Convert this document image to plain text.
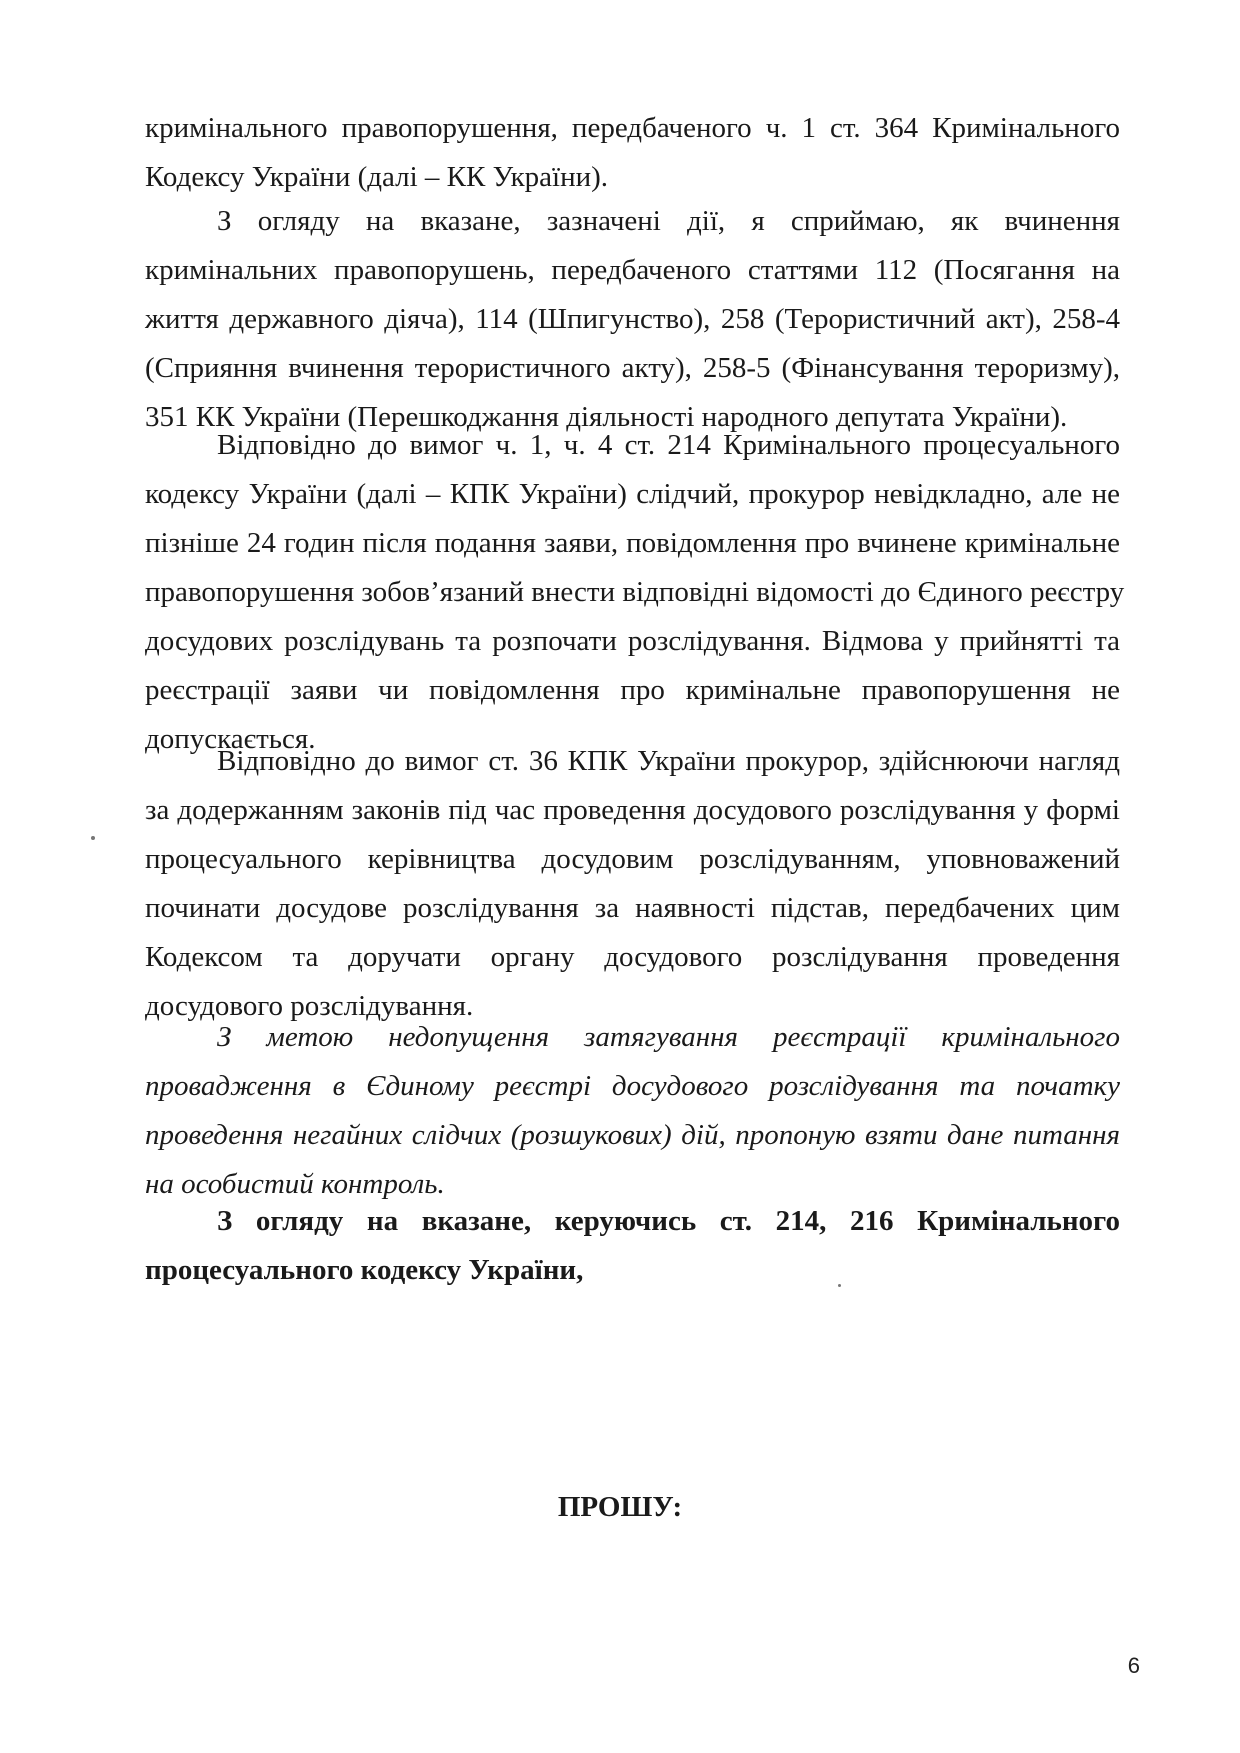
кримінального правопорушення, передбаченого ч. 1 ст. 364 Кримінального
Кодексу України (далі – КК України).
З огляду на вказане, зазначені дії, я сприймаю, як вчинення
кримінальних правопорушень, передбаченого статтями 112 (Посягання на
життя державного діяча), 114 (Шпигунство), 258 (Терористичний акт), 258-4
(Сприяння вчинення терористичного акту), 258-5 (Фінансування тероризму),
351 КК України (Перешкоджання діяльності народного депутата України).
Відповідно до вимог ч. 1, ч. 4 ст. 214 Кримінального процесуального
кодексу України (далі – КПК України) слідчий, прокурор невідкладно, але не
пізніше 24 годин після подання заяви, повідомлення про вчинене кримінальне
правопорушення зобов’язаний внести відповідні відомості до Єдиного реєстру
досудових розслідувань та розпочати розслідування. Відмова у прийнятті та
реєстрації заяви чи повідомлення про кримінальне правопорушення не
допускається.
Відповідно до вимог ст. 36 КПК України прокурор, здійснюючи нагляд
за додержанням законів під час проведення досудового розслідування у формі
процесуального керівництва досудовим розслідуванням, уповноважений
починати досудове розслідування за наявності підстав, передбачених цим
Кодексом та доручати органу досудового розслідування проведення
досудового розслідування.
З метою недопущення затягування реєстрації кримінального
провадження в Єдиному реєстрі досудового розслідування та початку
проведення негайних слідчих (розшукових) дій, пропоную взяти дане питання
на особистий контроль.
З огляду на вказане, керуючись ст. 214, 216 Кримінального
процесуального кодексу України,
ПРОШУ:
6
